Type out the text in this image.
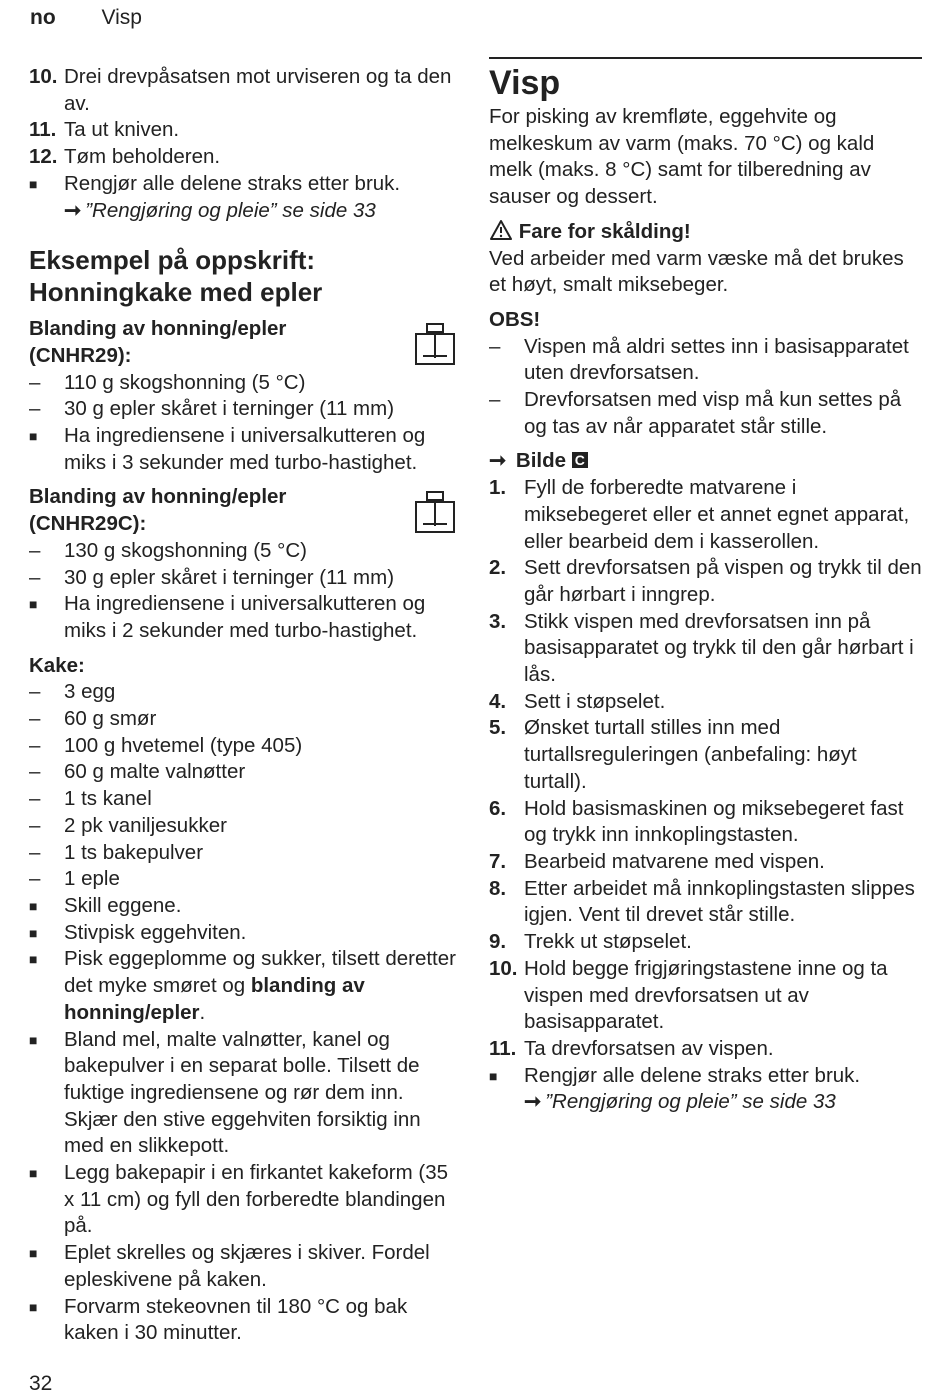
no Visp
10. Drei drevpåsatsen mot urviseren og ta den av.
11. Ta ut kniven.
12. Tøm beholderen.
■	Rengjør alle delene straks etter bruk.
➞ ”Rengjøring og pleie” se side 33
Eksempel på oppskrift: Honningkake med epler
Blanding av honning/epler (CNHR29):
–	110 g skogshonning (5 °C)
–	30 g epler skåret i terninger (11 mm)
■	Ha ingrediensene i universalkutteren og miks i 3 sekunder med turbo-hastighet.
Blanding av honning/epler (CNHR29C):
–	130 g skogshonning (5 °C)
–	30 g epler skåret i terninger (11 mm)
■	Ha ingrediensene i universalkutteren og miks i 2 sekunder med turbo-hastighet.
Kake:
–	3 egg
–	60 g smør
–	100 g hvetemel (type 405)
–	60 g malte valnøtter
–	1 ts kanel
–	2 pk vaniljesukker
–	1 ts bakepulver
–	1 eple
■	Skill eggene.
■	Stivpisk eggehviten.
■	Pisk eggeplomme og sukker, tilsett deretter det myke smøret og blanding av honning/epler.
■	Bland mel, malte valnøtter, kanel og bakepulver i en separat bolle. Tilsett de fuktige ingrediensene og rør dem inn. Skjær den stive eggehviten forsiktig inn med en slikkepott.
■	Legg bakepapir i en firkantet kakeform (35 x 11 cm) og fyll den forberedte blandingen på.
■	Eplet skrelles og skjæres i skiver. Fordel epleskivene på kaken.
■	Forvarm stekeovnen til 180 °C og bak kaken i 30 minutter.
Visp
For pisking av kremfløte, eggehvite og melkeskum av varm (maks. 70 °C) og kald melk (maks. 8 °C) samt for tilberedning av sauser og dessert.
Fare for skålding!
Ved arbeider med varm væske må det brukes et høyt, smalt miksebeger.
OBS!
–	Vispen må aldri settes inn i basisapparatet uten drevforsatsen.
–	Drevforsatsen med visp må kun settes på og tas av når apparatet står stille.
➞ Bilde C
1. Fyll de forberedte matvarene i miksebegeret eller et annet egnet apparat, eller bearbeid dem i kasserollen.
2. Sett drevforsatsen på vispen og trykk til den går hørbart i inngrep.
3. Stikk vispen med drevforsatsen inn på basisapparatet og trykk til den går hørbart i lås.
4. Sett i støpselet.
5. Ønsket turtall stilles inn med turtallsreguleringen (anbefaling: høyt turtall).
6. Hold basismaskinen og miksebegeret fast og trykk inn innkoplingstasten.
7. Bearbeid matvarene med vispen.
8. Etter arbeidet må innkoplingstasten slippes igjen. Vent til drevet står stille.
9. Trekk ut støpselet.
10. Hold begge frigjøringstastene inne og ta vispen med drevforsatsen ut av basisapparatet.
11. Ta drevforsatsen av vispen.
■	Rengjør alle delene straks etter bruk.
➞ ”Rengjøring og pleie” se side 33
32
